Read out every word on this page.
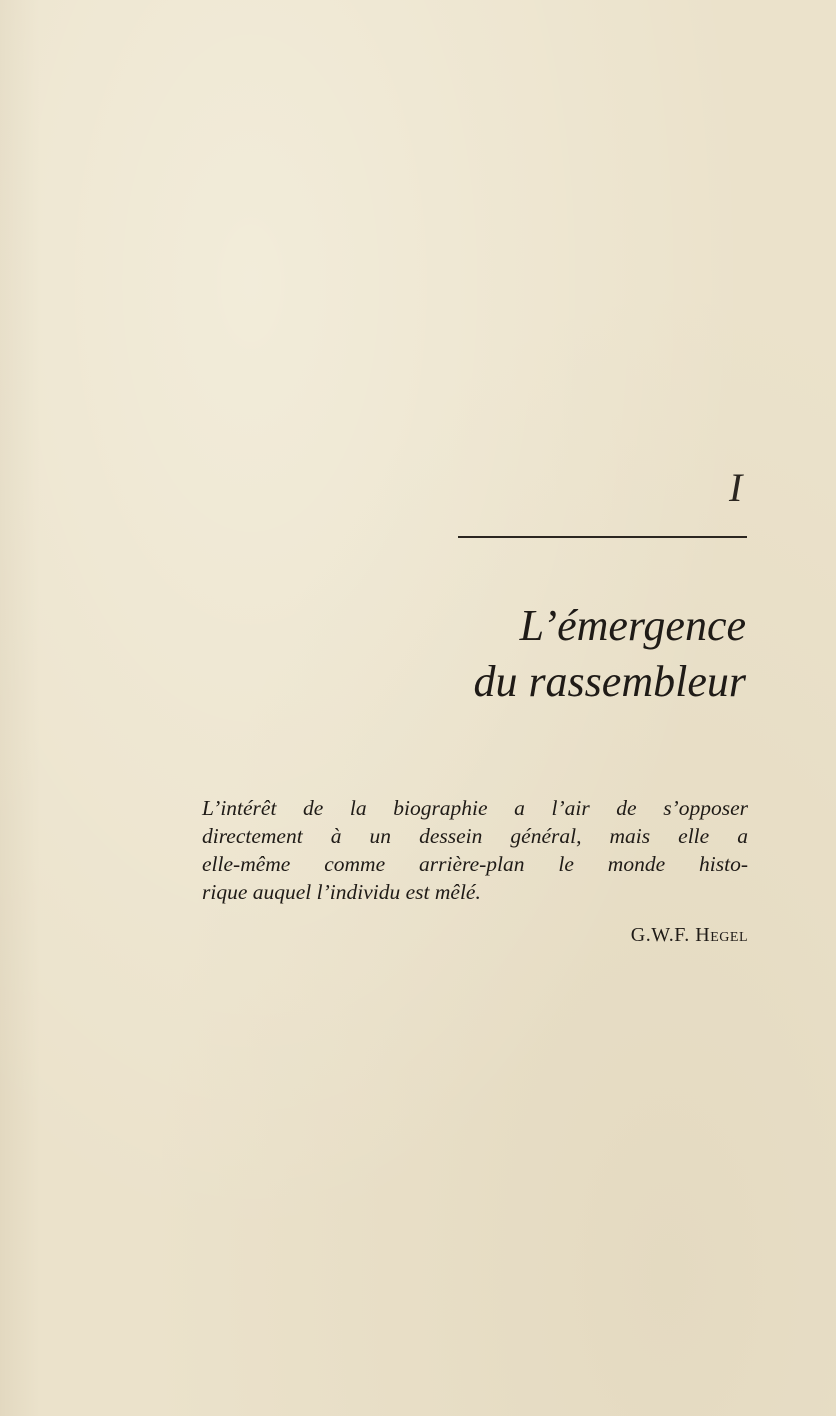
I
L’émergence
du rassembleur
L’intérêt de la biographie a l’air de s’opposer
directement à un dessein général, mais elle a
elle-même comme arrière-plan le monde histo-
rique auquel l’individu est mêlé.
G.W.F. Hegel
